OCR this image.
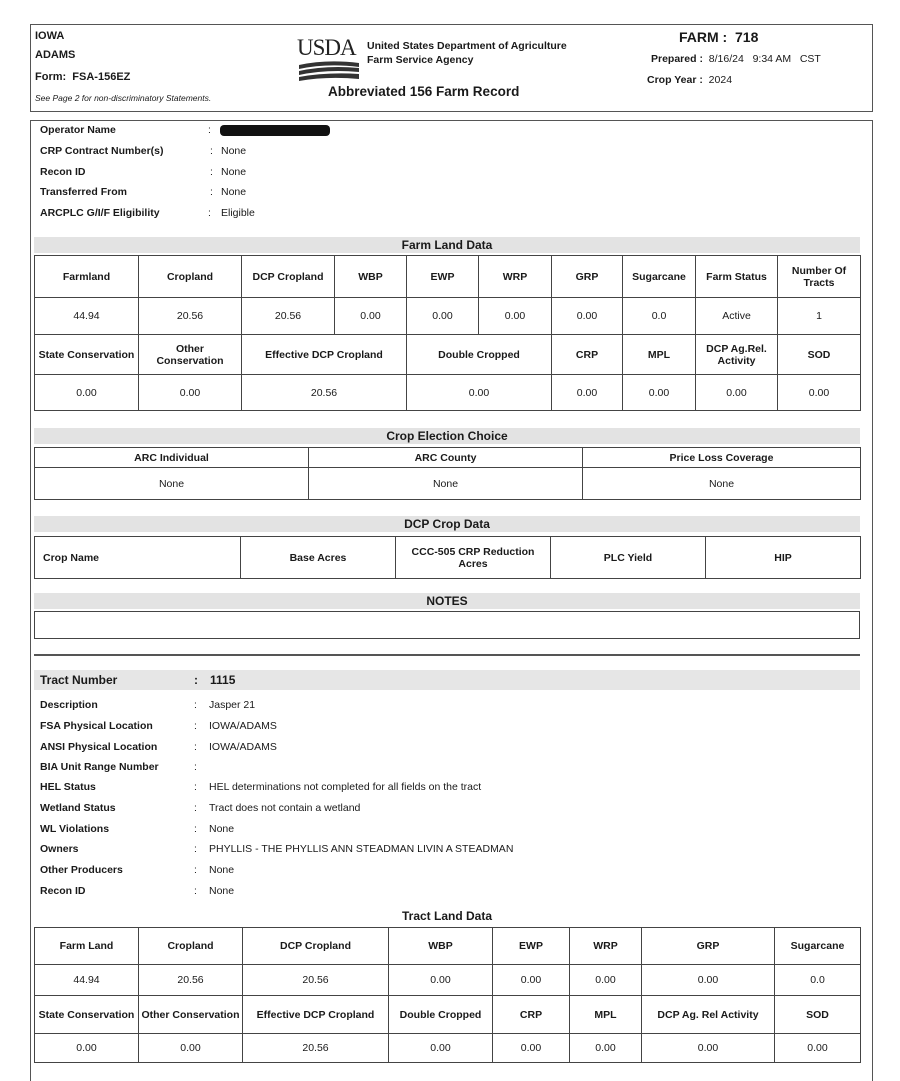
IOWA
ADAMS
Form: FSA-156EZ
See Page 2 for non-discriminatory Statements.
USDA United States Department of Agriculture
Farm Service Agency
Abbreviated 156 Farm Record
FARM : 718
Prepared : 8/16/24   9:34 AM   CST
Crop Year : 2024
Operator Name	:
CRP Contract Number(s)	: None
Recon ID	: None
Transferred From	: None
ARCPLC G/I/F Eligibility	: Eligible
Farm Land Data
Farmland	Cropland	DCP Cropland	WBP	EWP	WRP	GRP	Sugarcane	Farm Status	Number Of Tracts
44.94	20.56	20.56	0.00	0.00	0.00	0.00	0.0	Active	1
State Conservation	Other Conservation	Effective DCP Cropland		Double Cropped		CRP	MPL	DCP Ag.Rel. Activity	SOD
0.00	0.00	20.56		0.00		0.00	0.00	0.00	0.00
Crop Election Choice
ARC Individual	ARC County	Price Loss Coverage
None	None	None
DCP Crop Data
Crop Name	Base Acres	CCC-505 CRP Reduction Acres	PLC Yield	HIP
NOTES
Tract Number	: 1115
Description	: Jasper 21
FSA Physical Location	: IOWA/ADAMS
ANSI Physical Location	: IOWA/ADAMS
BIA Unit Range Number	:
HEL Status	: HEL determinations not completed for all fields on the tract
Wetland Status	: Tract does not contain a wetland
WL Violations	: None
Owners	: PHYLLIS - THE PHYLLIS ANN STEADMAN LIVIN A STEADMAN
Other Producers	: None
Recon ID	: None
Tract Land Data
Farm Land	Cropland	DCP Cropland	WBP	EWP	WRP	GRP	Sugarcane
44.94	20.56	20.56	0.00	0.00	0.00	0.00	0.0
State Conservation	Other Conservation	Effective DCP Cropland	Double Cropped	CRP	MPL	DCP Ag. Rel Activity	SOD
0.00	0.00	20.56	0.00	0.00	0.00	0.00	0.00
